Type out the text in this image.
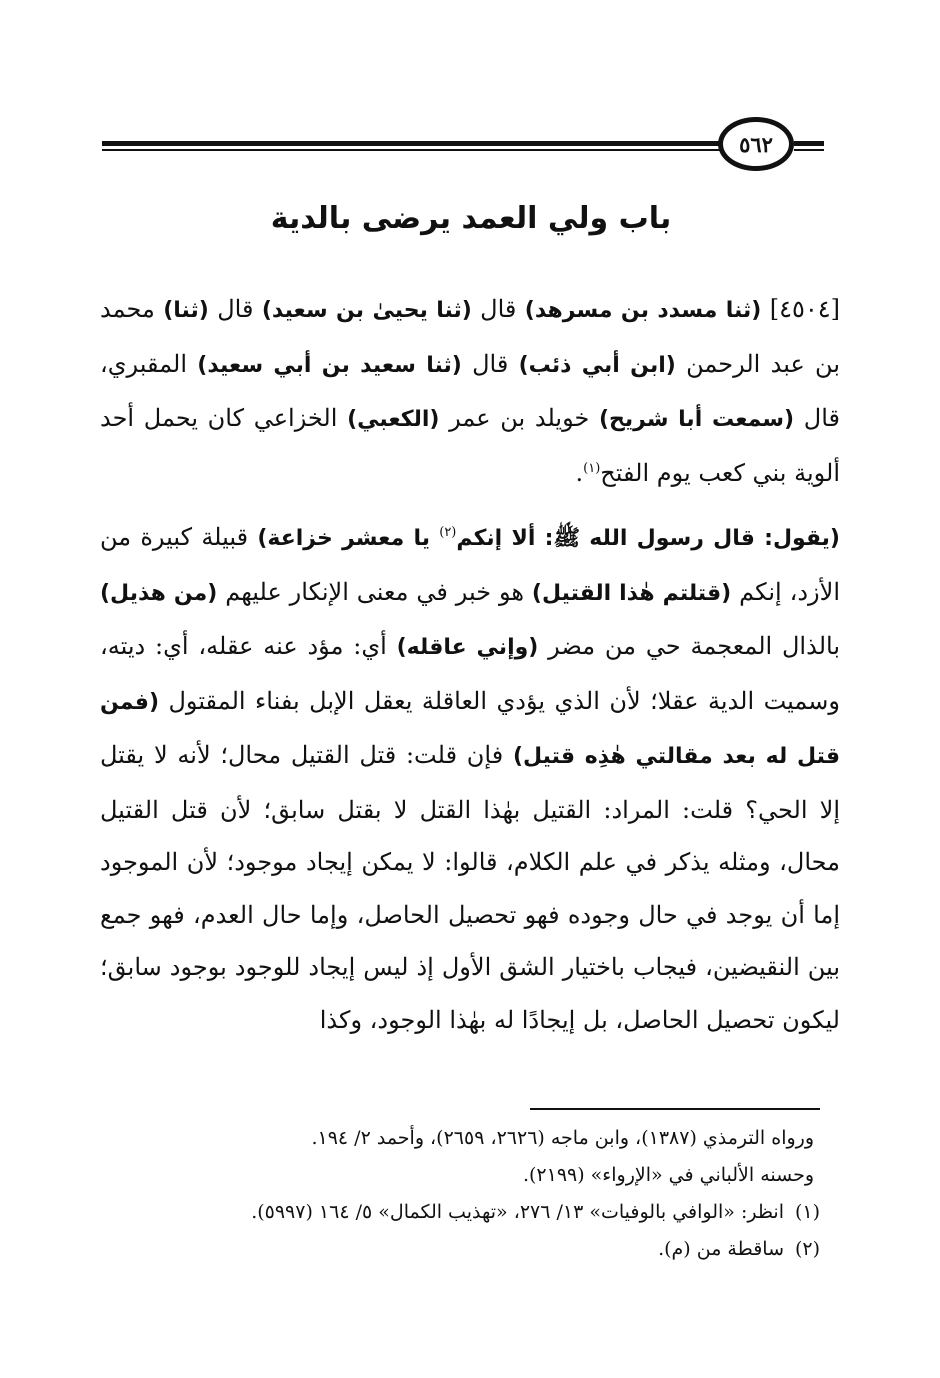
٥٦٢
باب ولي العمد يرضى بالدية

[٤٥٠٤] (ثنا مسدد بن مسرهد) قال (ثنا يحيىٰ بن سعيد) قال (ثنا) محمد بن عبد الرحمن (ابن أبي ذئب) قال (ثنا سعيد بن أبي سعيد) المقبري، قال (سمعت أبا شريح) خويلد بن عمر (الكعبي) الخزاعي كان يحمل أحد ألوية بني كعب يوم الفتح$^{(١)}$.

(يقول: قال رسول الله ﷺ: ألا إنكم$^{(٢)}$ يا معشر خزاعة) قبيلة كبيرة من الأزد، إنكم (قتلتم هٰذا القتيل) هو خبر في معنى الإنكار عليهم (من هذيل) بالذال المعجمة حي من مضر (وإني عاقله) أي: مؤد عنه عقله، أي: ديته، وسميت الدية عقلا؛ لأن الذي يؤدي العاقلة يعقل الإبل بفناء المقتول (فمن قتل له بعد مقالتي هٰذِه قتيل) فإن قلت: قتل القتيل محال؛ لأنه لا يقتل إلا الحي؟ قلت: المراد: القتيل بهٰذا القتل لا بقتل سابق؛ لأن قتل القتيل محال، ومثله يذكر في علم الكلام، قالوا: لا يمكن إيجاد موجود؛ لأن الموجود إما أن يوجد في حال وجوده فهو تحصيل الحاصل، وإما حال العدم، فهو جمع بين النقيضين، فيجاب باختيار الشق الأول إذ ليس إيجاد للوجود بوجود سابق؛ ليكون تحصيل الحاصل، بل إيجادًا له بهٰذا الوجود، وكذا

ورواه الترمذي (١٣٨٧)، وابن ماجه (٢٦٢٦، ٢٦٥٩)، وأحمد ٢/ ١٩٤.
وحسنه الألباني في «الإرواء» (٢١٩٩).
(١)انظر: «الوافي بالوفيات» ١٣/ ٢٧٦، «تهذيب الكمال» ٥/ ١٦٤ (٥٩٩٧).
(٢)ساقطة من (م).
